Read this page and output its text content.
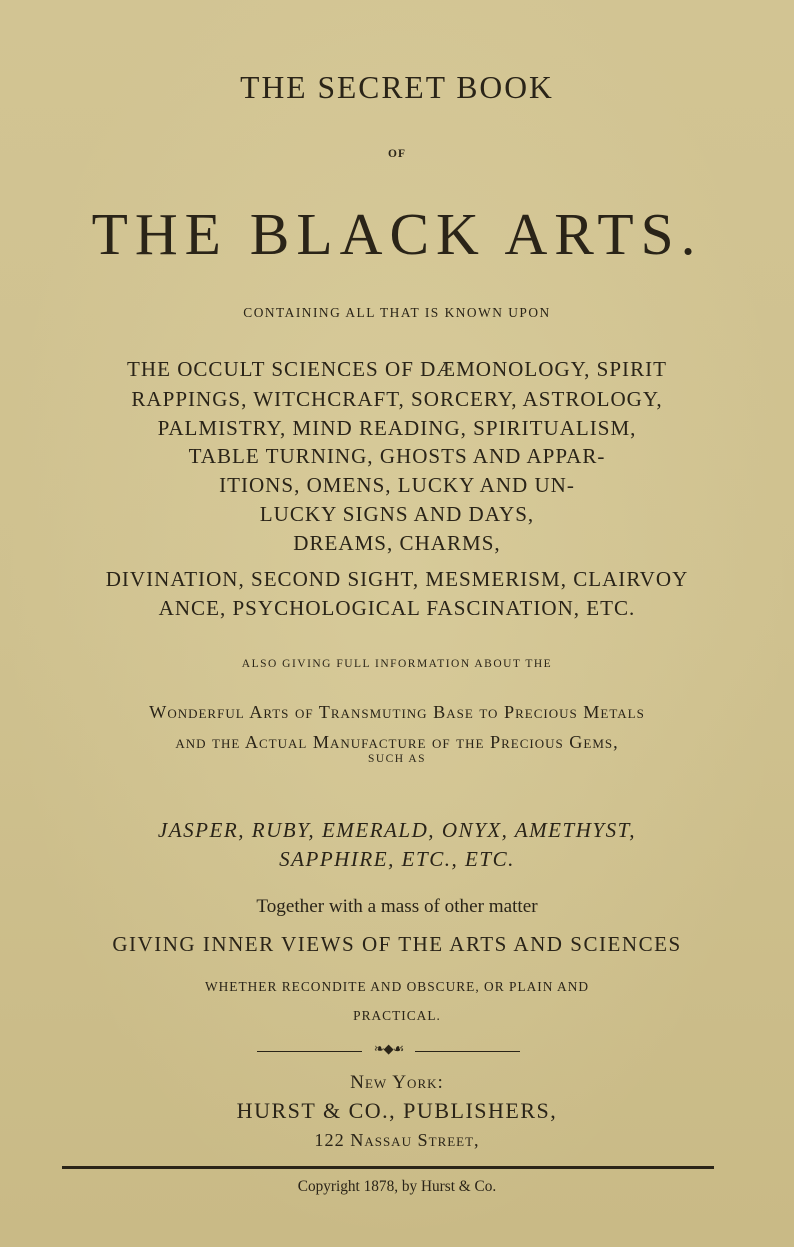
THE SECRET BOOK
OF
THE BLACK ARTS.
CONTAINING ALL THAT IS KNOWN UPON
THE OCCULT SCIENCES OF DÆMONOLOGY, SPIRIT
RAPPINGS, WITCHCRAFT, SORCERY, ASTROLOGY,
PALMISTRY, MIND READING, SPIRITUALISM,
TABLE TURNING, GHOSTS AND APPAR-
ITIONS, OMENS, LUCKY AND UN-
LUCKY SIGNS AND DAYS,
DREAMS, CHARMS,
DIVINATION, SECOND SIGHT, MESMERISM, CLAIRVOY
ANCE, PSYCHOLOGICAL FASCINATION, ETC.
ALSO GIVING FULL INFORMATION ABOUT THE
Wonderful Arts of Transmuting Base to Precious Metals
and the Actual Manufacture of the Precious Gems,
SUCH AS
JASPER, RUBY, EMERALD, ONYX, AMETHYST,
SAPPHIRE, ETC., ETC.
Together with a mass of other matter
GIVING INNER VIEWS OF THE ARTS AND SCIENCES
WHETHER RECONDITE AND OBSCURE, OR PLAIN AND
PRACTICAL.
❧◆☙
New York:
HURST & CO., PUBLISHERS,
122 Nassau Street,
Copyright 1878, by Hurst & Co.
